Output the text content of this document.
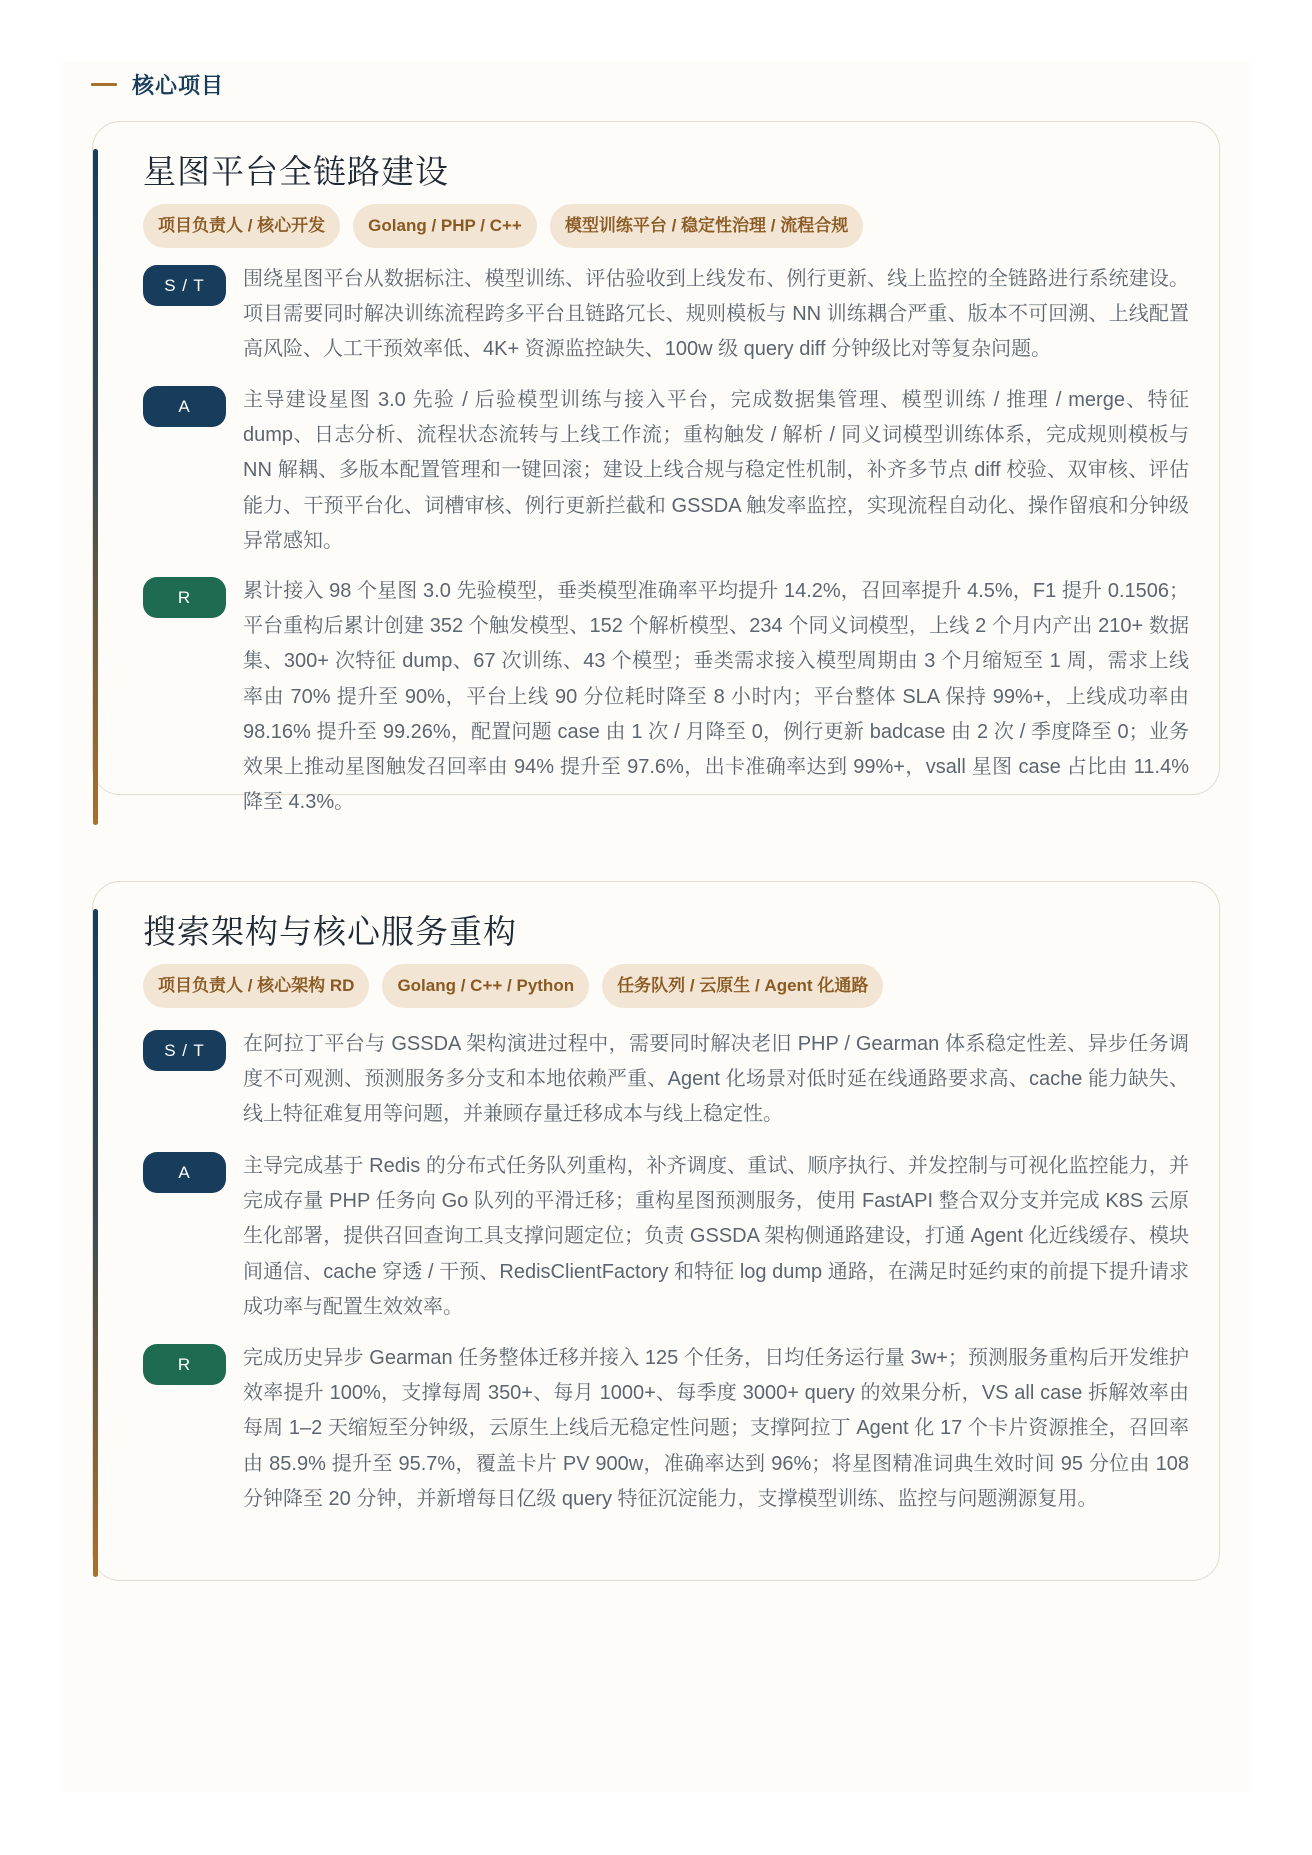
核心项目
星图平台全链路建设
项目负责人 / 核心开发	Golang / PHP / C++	模型训练平台 / 稳定性治理 / 流程合规
S / T	围绕星图平台从数据标注、模型训练、评估验收到上线发布、例行更新、线上监控的全链路进行系统建设。项目需要同时解决训练流程跨多平台且链路冗长、规则模板与 NN 训练耦合严重、版本不可回溯、上线配置高风险、人工干预效率低、4K+ 资源监控缺失、100w 级 query diff 分钟级比对等复杂问题。
A	主导建设星图 3.0 先验 / 后验模型训练与接入平台，完成数据集管理、模型训练 / 推理 / merge、特征 dump、日志分析、流程状态流转与上线工作流；重构触发 / 解析 / 同义词模型训练体系，完成规则模板与 NN 解耦、多版本配置管理和一键回滚；建设上线合规与稳定性机制，补齐多节点 diff 校验、双审核、评估能力、干预平台化、词槽审核、例行更新拦截和 GSSDA 触发率监控，实现流程自动化、操作留痕和分钟级异常感知。
R	累计接入 98 个星图 3.0 先验模型，垂类模型准确率平均提升 14.2%，召回率提升 4.5%，F1 提升 0.1506；平台重构后累计创建 352 个触发模型、152 个解析模型、234 个同义词模型，上线 2 个月内产出 210+ 数据集、300+ 次特征 dump、67 次训练、43 个模型；垂类需求接入模型周期由 3 个月缩短至 1 周，需求上线率由 70% 提升至 90%，平台上线 90 分位耗时降至 8 小时内；平台整体 SLA 保持 99%+，上线成功率由 98.16% 提升至 99.26%，配置问题 case 由 1 次 / 月降至 0，例行更新 badcase 由 2 次 / 季度降至 0；业务效果上推动星图触发召回率由 94% 提升至 97.6%，出卡准确率达到 99%+，vsall 星图 case 占比由 11.4% 降至 4.3%。
搜索架构与核心服务重构
项目负责人 / 核心架构 RD	Golang / C++ / Python	任务队列 / 云原生 / Agent 化通路
S / T	在阿拉丁平台与 GSSDA 架构演进过程中，需要同时解决老旧 PHP / Gearman 体系稳定性差、异步任务调度不可观测、预测服务多分支和本地依赖严重、Agent 化场景对低时延在线通路要求高、cache 能力缺失、线上特征难复用等问题，并兼顾存量迁移成本与线上稳定性。
A	主导完成基于 Redis 的分布式任务队列重构，补齐调度、重试、顺序执行、并发控制与可视化监控能力，并完成存量 PHP 任务向 Go 队列的平滑迁移；重构星图预测服务，使用 FastAPI 整合双分支并完成 K8S 云原生化部署，提供召回查询工具支撑问题定位；负责 GSSDA 架构侧通路建设，打通 Agent 化近线缓存、模块间通信、cache 穿透 / 干预、RedisClientFactory 和特征 log dump 通路，在满足时延约束的前提下提升请求成功率与配置生效效率。
R	完成历史异步 Gearman 任务整体迁移并接入 125 个任务，日均任务运行量 3w+；预测服务重构后开发维护效率提升 100%，支撑每周 350+、每月 1000+、每季度 3000+ query 的效果分析，VS all case 拆解效率由每周 1–2 天缩短至分钟级，云原生上线后无稳定性问题；支撑阿拉丁 Agent 化 17 个卡片资源推全，召回率由 85.9% 提升至 95.7%，覆盖卡片 PV 900w，准确率达到 96%；将星图精准词典生效时间 95 分位由 108 分钟降至 20 分钟，并新增每日亿级 query 特征沉淀能力，支撑模型训练、监控与问题溯源复用。
